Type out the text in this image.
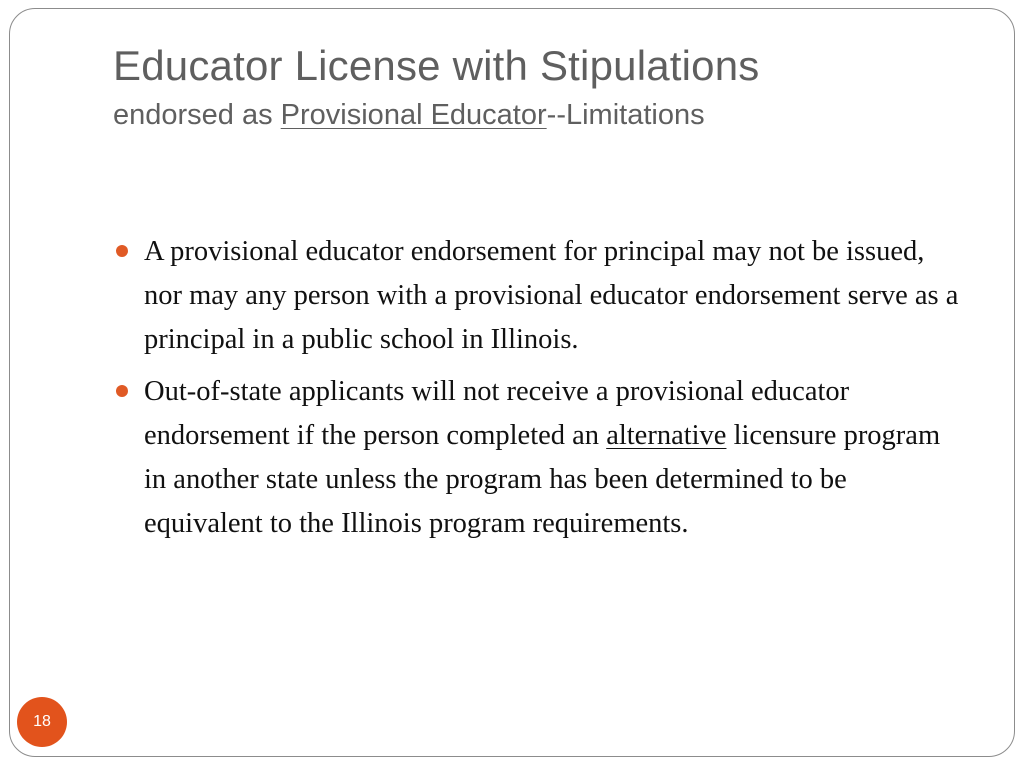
Educator License with Stipulations
endorsed as Provisional Educator--Limitations
A provisional educator endorsement for principal may not be issued, nor may any person with a provisional educator endorsement serve as a principal in a public school in Illinois.
Out-of-state applicants will not receive a provisional educator endorsement if the person completed an alternative licensure program in another state unless the program has been determined to be equivalent to the Illinois program requirements.
18
